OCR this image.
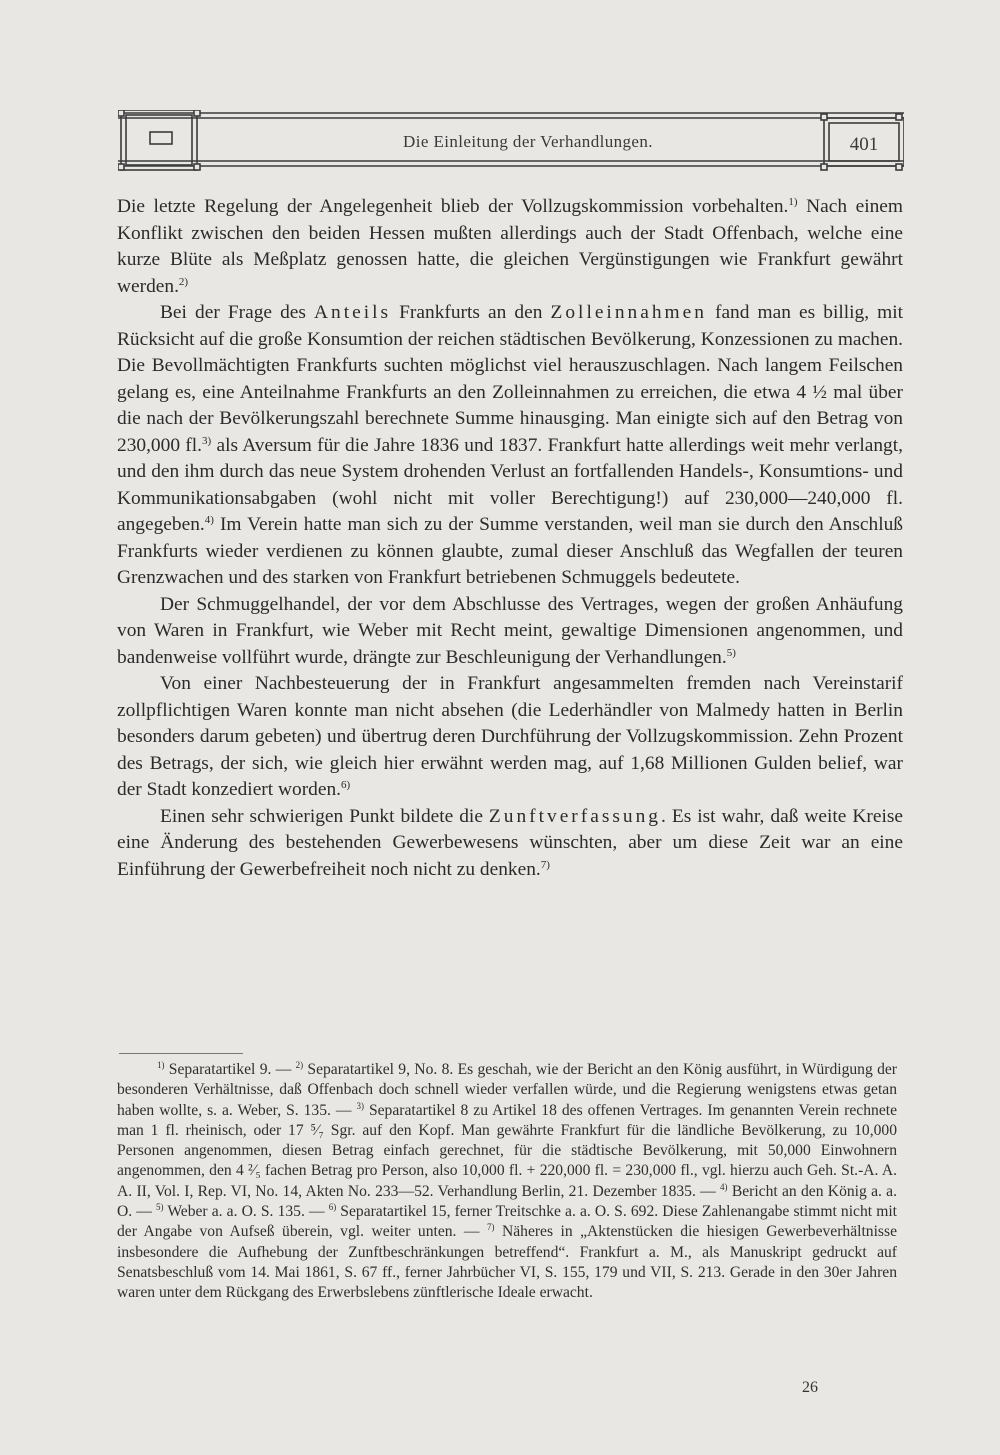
Die Einleitung der Verhandlungen.	401

Die letzte Regelung der Angelegenheit blieb der Vollzugskommission vorbehalten.$^{1)}$ Nach einem Konflikt zwischen den beiden Hessen mußten allerdings auch der Stadt Offenbach, welche eine kurze Blüte als Meßplatz genossen hatte, die gleichen Vergünstigungen wie Frankfurt gewährt werden.$^{2)}$

Bei der Frage des Anteils Frankfurts an den Zolleinnahmen fand man es billig, mit Rücksicht auf die große Konsumtion der reichen städtischen Bevölkerung, Konzessionen zu machen. Die Bevollmächtigten Frankfurts suchten möglichst viel herauszuschlagen. Nach langem Feilschen gelang es, eine Anteilnahme Frankfurts an den Zolleinnahmen zu erreichen, die etwa 4 ½ mal über die nach der Bevölkerungszahl berechnete Summe hinausging. Man einigte sich auf den Betrag von 230,000 fl.$^{3)}$ als Aversum für die Jahre 1836 und 1837. Frankfurt hatte allerdings weit mehr verlangt, und den ihm durch das neue System drohenden Verlust an fortfallenden Handels-, Konsumtions- und Kommunikationsabgaben (wohl nicht mit voller Berechtigung!) auf 230,000—240,000 fl. angegeben.$^{4)}$ Im Verein hatte man sich zu der Summe verstanden, weil man sie durch den Anschluß Frankfurts wieder verdienen zu können glaubte, zumal dieser Anschluß das Wegfallen der teuren Grenzwachen und des starken von Frankfurt betriebenen Schmuggels bedeutete.

Der Schmuggelhandel, der vor dem Abschlusse des Vertrages, wegen der großen Anhäufung von Waren in Frankfurt, wie Weber mit Recht meint, gewaltige Dimensionen angenommen, und bandenweise vollführt wurde, drängte zur Beschleunigung der Verhandlungen.$^{5)}$

Von einer Nachbesteuerung der in Frankfurt angesammelten fremden nach Vereinstarif zollpflichtigen Waren konnte man nicht absehen (die Lederhändler von Malmedy hatten in Berlin besonders darum gebeten) und übertrug deren Durchführung der Vollzugskommission. Zehn Prozent des Betrags, der sich, wie gleich hier erwähnt werden mag, auf 1,68 Millionen Gulden belief, war der Stadt konzediert worden.$^{6)}$

Einen sehr schwierigen Punkt bildete die Zunftverfassung. Es ist wahr, daß weite Kreise eine Änderung des bestehenden Gewerbewesens wünschten, aber um diese Zeit war an eine Einführung der Gewerbefreiheit noch nicht zu denken.$^{7)}$

$^{1)}$ Separatartikel 9. — $^{2)}$ Separatartikel 9, No. 8. Es geschah, wie der Bericht an den König ausführt, in Würdigung der besonderen Verhältnisse, daß Offenbach doch schnell wieder verfallen würde, und die Regierung wenigstens etwas getan haben wollte, s. a. Weber, S. 135. — $^{3)}$ Separatartikel 8 zu Artikel 18 des offenen Vertrages. Im genannten Verein rechnete man 1 fl. rheinisch, oder 17 ⁵⁄₇ Sgr. auf den Kopf. Man gewährte Frankfurt für die ländliche Bevölkerung, zu 10,000 Personen angenommen, diesen Betrag einfach gerechnet, für die städtische Bevölkerung, mit 50,000 Einwohnern angenommen, den 4 ²⁄₅ fachen Betrag pro Person, also 10,000 fl. + 220,000 fl. = 230,000 fl., vgl. hierzu auch Geh. St.-A. A. A. II, Vol. I, Rep. VI, No. 14, Akten No. 233—52. Verhandlung Berlin, 21. Dezember 1835. — $^{4)}$ Bericht an den König a. a. O. — $^{5)}$ Weber a. a. O. S. 135. — $^{6)}$ Separatartikel 15, ferner Treitschke a. a. O. S. 692. Diese Zahlenangabe stimmt nicht mit der Angabe von Aufseß überein, vgl. weiter unten. — $^{7)}$ Näheres in „Aktenstücken die hiesigen Gewerbeverhältnisse insbesondere die Aufhebung der Zunftbeschränkungen betreffend“. Frankfurt a. M., als Manuskript gedruckt auf Senatsbeschluß vom 14. Mai 1861, S. 67 ff., ferner Jahrbücher VI, S. 155, 179 und VII, S. 213. Gerade in den 30er Jahren waren unter dem Rückgang des Erwerbslebens zünftlerische Ideale erwacht.

26
